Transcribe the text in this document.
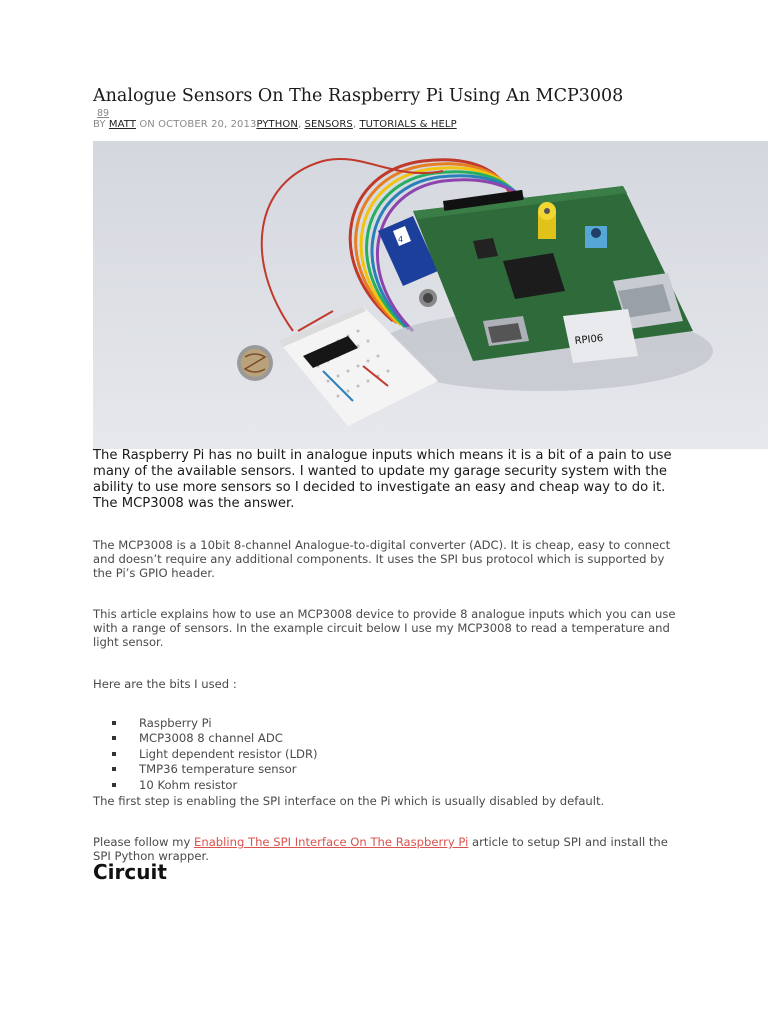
Analogue Sensors On The Raspberry Pi Using An MCP3008
89
BY MATT ON OCTOBER 20, 2013PYTHON, SENSORS, TUTORIALS & HELP
4
RPI06

The Raspberry Pi has no built in analogue inputs which means it is a bit of a pain to use many of the available sensors. I wanted to update my garage security system with the ability to use more sensors so I decided to investigate an easy and cheap way to do it. The MCP3008 was the answer.

The MCP3008 is a 10bit 8-channel Analogue-to-digital converter (ADC). It is cheap, easy to connect and doesn’t require any additional components. It uses the SPI bus protocol which is supported by the Pi’s GPIO header.

This article explains how to use an MCP3008 device to provide 8 analogue inputs which you can use with a range of sensors. In the example circuit below I use my MCP3008 to read a temperature and light sensor.

Here are the bits I used :

Raspberry Pi
MCP3008 8 channel ADC
Light dependent resistor (LDR)
TMP36 temperature sensor
10 Kohm resistor

The first step is enabling the SPI interface on the Pi which is usually disabled by default.

Please follow my Enabling The SPI Interface On The Raspberry Pi article to setup SPI and install the SPI Python wrapper.

Circuit
